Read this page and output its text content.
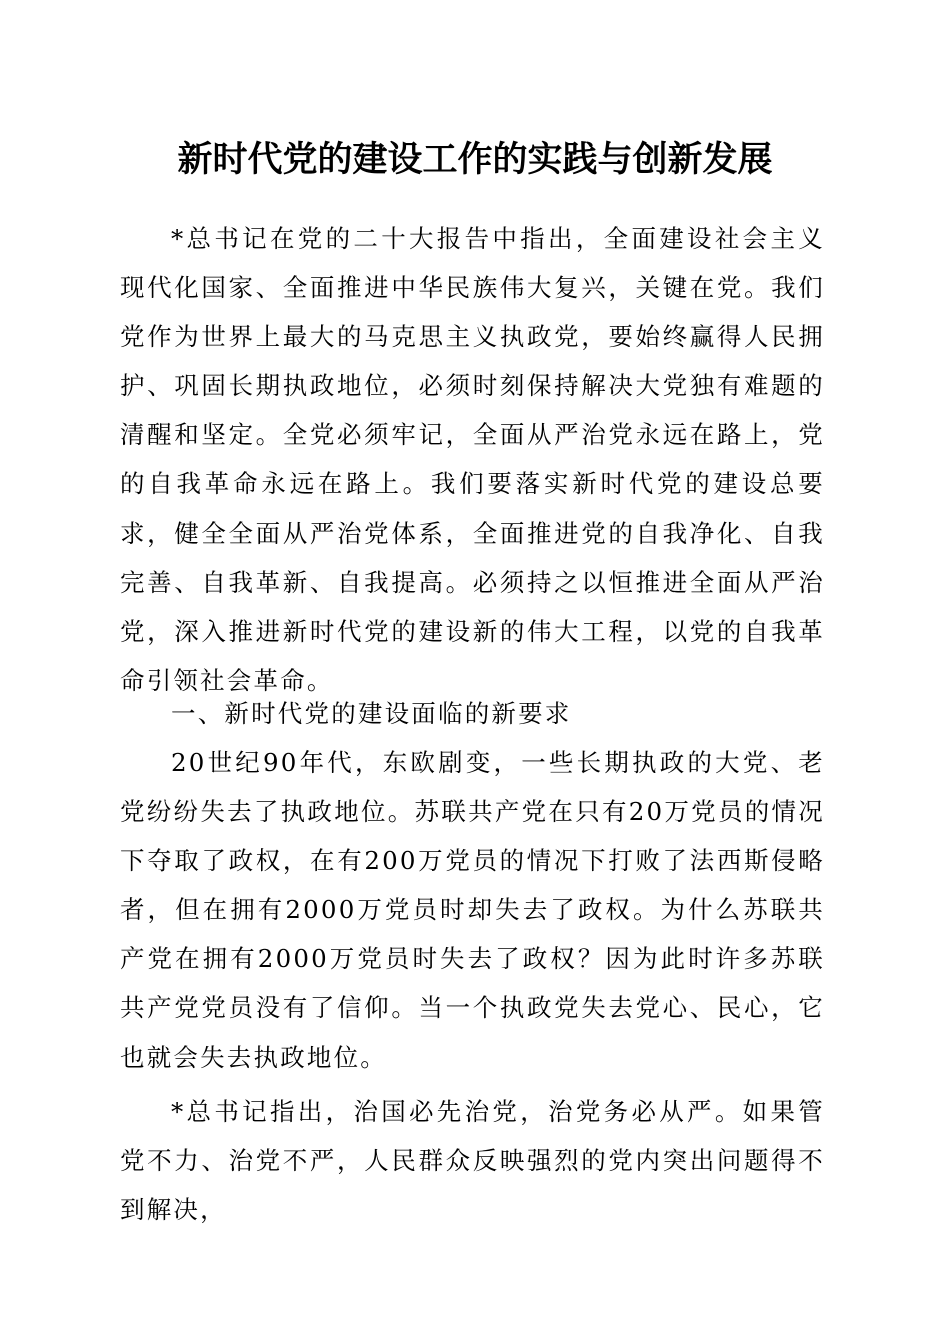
新时代党的建设工作的实践与创新发展

*总书记在党的二十大报告中指出，全面建设社会主义现代化国家、全面推进中华民族伟大复兴，关键在党。我们党作为世界上最大的马克思主义执政党，要始终赢得人民拥护、巩固长期执政地位，必须时刻保持解决大党独有难题的清醒和坚定。全党必须牢记，全面从严治党永远在路上，党的自我革命永远在路上。我们要落实新时代党的建设总要求，健全全面从严治党体系，全面推进党的自我净化、自我完善、自我革新、自我提高。必须持之以恒推进全面从严治党，深入推进新时代党的建设新的伟大工程，以党的自我革命引领社会革命。

一、新时代党的建设面临的新要求

20世纪90年代，东欧剧变，一些长期执政的大党、老党纷纷失去了执政地位。苏联共产党在只有20万党员的情况下夺取了政权，在有200万党员的情况下打败了法西斯侵略者，但在拥有2000万党员时却失去了政权。为什么苏联共产党在拥有2000万党员时失去了政权？因为此时许多苏联共产党党员没有了信仰。当一个执政党失去党心、民心，它也就会失去执政地位。

*总书记指出，治国必先治党，治党务必从严。如果管党不力、治党不严，人民群众反映强烈的党内突出问题得不到解决，
